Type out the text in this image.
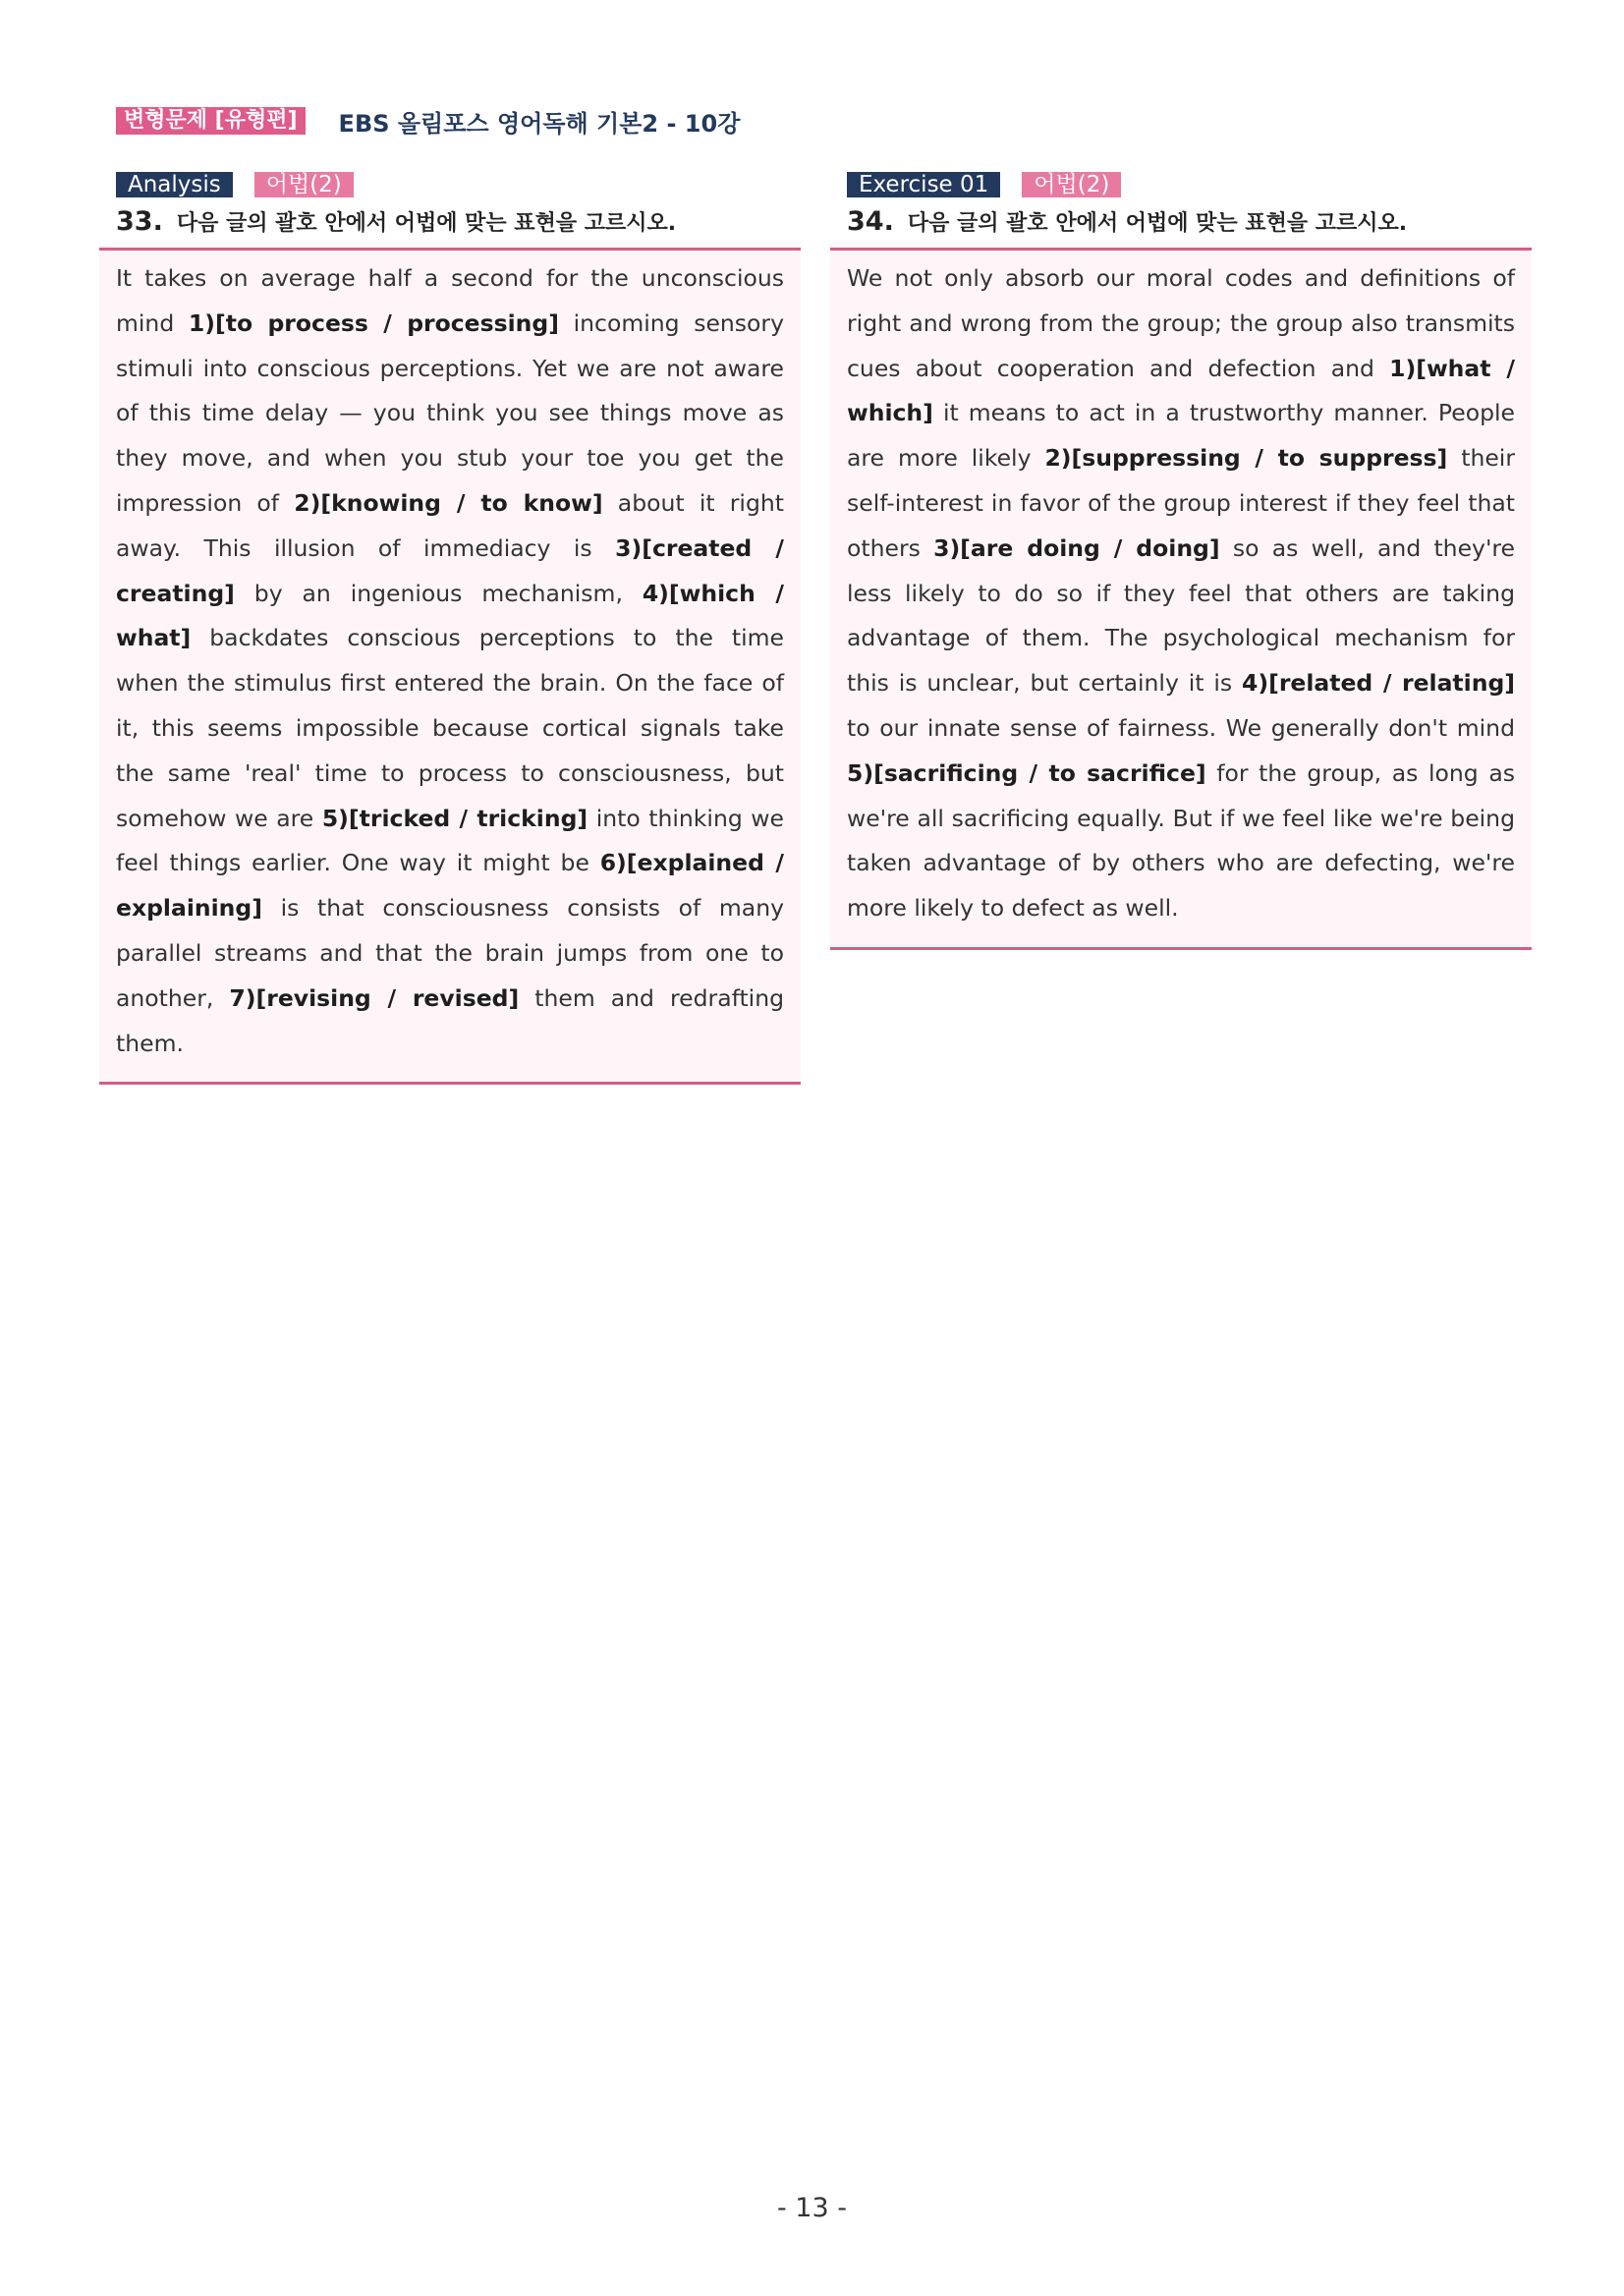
변형문제 [유형편]	EBS 올림포스 영어독해 기본2 - 10강
Analysis	어법(2)
33. 다음 글의 괄호 안에서 어법에 맞는 표현을 고르시오.

It takes on average half a second for the unconscious mind 1)[to process / processing] incoming sensory stimuli into conscious perceptions. Yet we are not aware of this time delay — you think you see things move as they move, and when you stub your toe you get the impression of 2)[knowing / to know] about it right away. This illusion of immediacy is 3)[created / creating] by an ingenious mechanism, 4)[which / what] backdates conscious perceptions to the time when the stimulus first entered the brain. On the face of it, this seems impossible because cortical signals take the same 'real' time to process to consciousness, but somehow we are 5)[tricked / tricking] into thinking we feel things earlier. One way it might be 6)[explained / explaining] is that consciousness consists of many parallel streams and that the brain jumps from one to another, 7)[revising / revised] them and redrafting them.

Exercise 01	어법(2)
34. 다음 글의 괄호 안에서 어법에 맞는 표현을 고르시오.

We not only absorb our moral codes and definitions of right and wrong from the group; the group also transmits cues about cooperation and defection and 1)[what / which] it means to act in a trustworthy manner. People are more likely 2)[suppressing / to suppress] their self-interest in favor of the group interest if they feel that others 3)[are doing / doing] so as well, and they're less likely to do so if they feel that others are taking advantage of them. The psychological mechanism for this is unclear, but certainly it is 4)[related / relating] to our innate sense of fairness. We generally don't mind 5)[sacrificing / to sacrifice] for the group, as long as we're all sacrificing equally. But if we feel like we're being taken advantage of by others who are defecting, we're more likely to defect as well.

- 13 -
